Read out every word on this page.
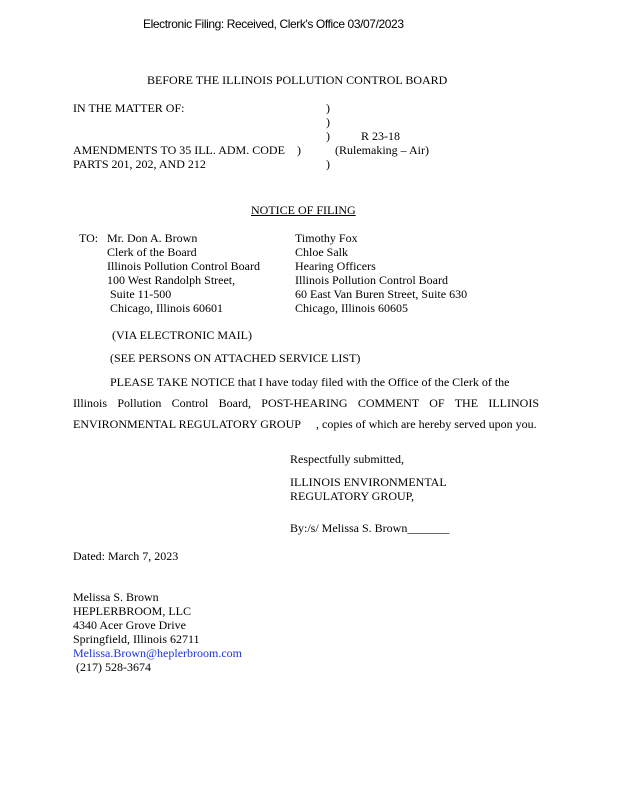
Electronic Filing: Received, Clerk's Office 03/07/2023
BEFORE THE ILLINOIS POLLUTION CONTROL BOARD
IN THE MATTER OF:	)
)
)	R 23-18
AMENDMENTS TO 35 ILL. ADM. CODE )	(Rulemaking – Air)
PARTS 201, 202, AND 212	)
NOTICE OF FILING
TO: Mr. Don A. Brown
Clerk of the Board
Illinois Pollution Control Board
100 West Randolph Street,
Suite 11-500
Chicago, Illinois 60601
Timothy Fox
Chloe Salk
Hearing Officers
Illinois Pollution Control Board
60 East Van Buren Street, Suite 630
Chicago, Illinois 60605
(VIA ELECTRONIC MAIL)
(SEE PERSONS ON ATTACHED SERVICE LIST)
PLEASE TAKE NOTICE that I have today filed with the Office of the Clerk of the
Illinois Pollution Control Board, POST-HEARING COMMENT OF THE ILLINOIS
ENVIRONMENTAL REGULATORY GROUP , copies of which are hereby served upon you.
Respectfully submitted,
ILLINOIS ENVIRONMENTAL
REGULATORY GROUP,
By:/s/ Melissa S. Brown_______
Dated: March 7, 2023
Melissa S. Brown
HEPLERBROOM, LLC
4340 Acer Grove Drive
Springfield, Illinois 62711
Melissa.Brown@heplerbroom.com
(217) 528-3674
